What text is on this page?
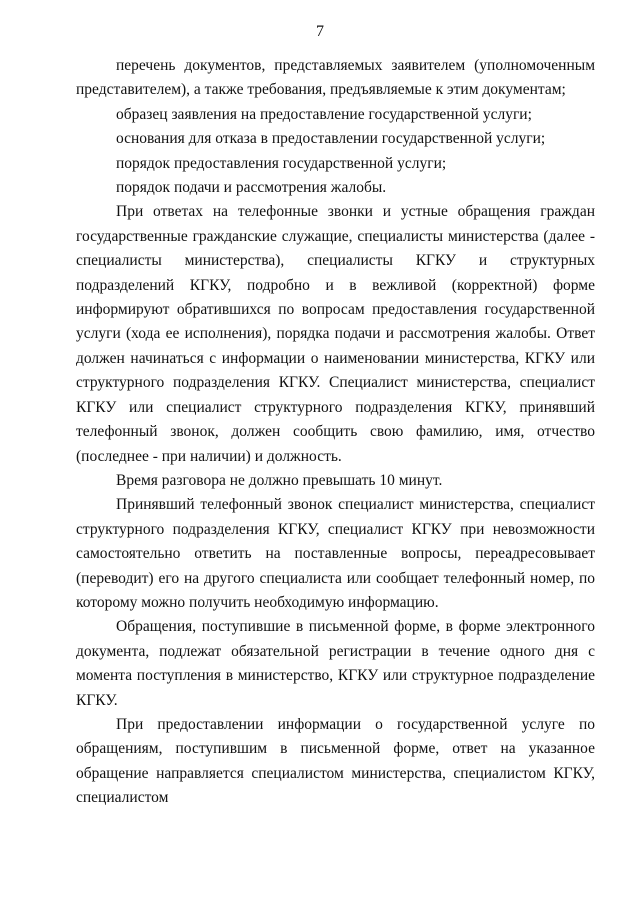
7

перечень документов, представляемых заявителем (уполномоченным представителем), а также требования, предъявляемые к этим документам;

образец заявления на предоставление государственной услуги;

основания для отказа в предоставлении государственной услуги;

порядок предоставления государственной услуги;

порядок подачи и рассмотрения жалобы.

При ответах на телефонные звонки и устные обращения граждан государственные гражданские служащие, специалисты министерства (далее - специалисты министерства), специалисты КГКУ и структурных подразделений КГКУ, подробно и в вежливой (корректной) форме информируют обратившихся по вопросам предоставления государственной услуги (хода ее исполнения), порядка подачи и рассмотрения жалобы. Ответ должен начинаться с информации о наименовании министерства, КГКУ или структурного подразделения КГКУ. Специалист министерства, специалист КГКУ или специалист структурного подразделения КГКУ, принявший телефонный звонок, должен сообщить свою фамилию, имя, отчество (последнее - при наличии) и должность.

Время разговора не должно превышать 10 минут.

Принявший телефонный звонок специалист министерства, специалист структурного подразделения КГКУ, специалист КГКУ при невозможности самостоятельно ответить на поставленные вопросы, переадресовывает (переводит) его на другого специалиста или сообщает телефонный номер, по которому можно получить необходимую информацию.

Обращения, поступившие в письменной форме, в форме электронного документа, подлежат обязательной регистрации в течение одного дня с момента поступления в министерство, КГКУ или структурное подразделение КГКУ.

При предоставлении информации о государственной услуге по обращениям, поступившим в письменной форме, ответ на указанное обращение направляется специалистом министерства, специалистом КГКУ, специалистом
